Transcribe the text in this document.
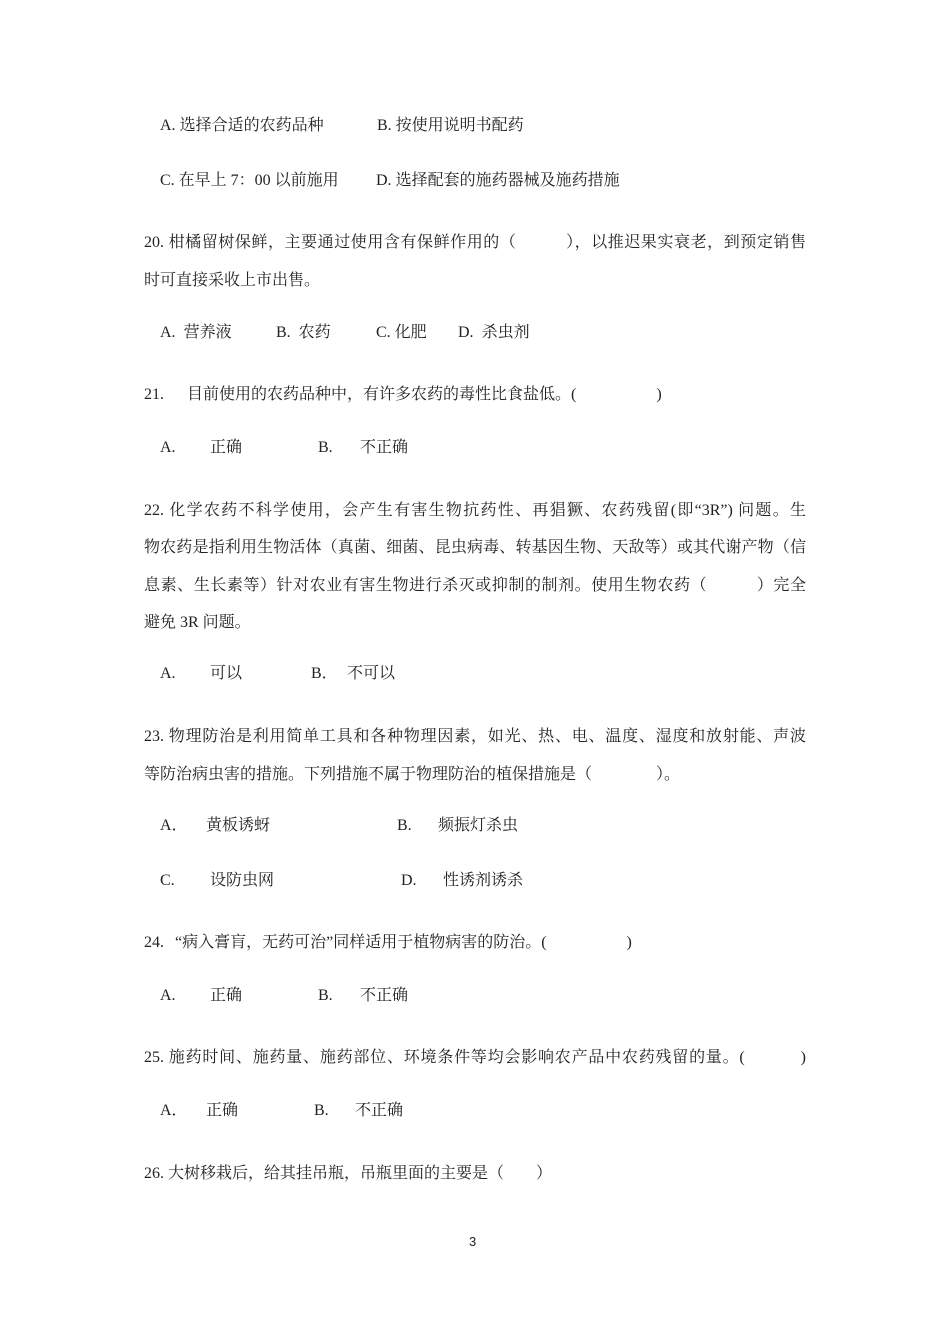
A. 选择合适的农药品种	B. 按使用说明书配药
C. 在早上 7：00 以前施用 D. 选择配套的施药器械及施药措施
20. 柑橘留树保鲜，主要通过使用含有保鲜作用的（　　　），以推迟果实衰老，到预定销售
时可直接采收上市出售。
A. 营养液	B. 农药	C. 化肥 D. 杀虫剂
21. 目前使用的农药品种中，有许多农药的毒性比食盐低。(　　　　　)
A. 正确	B. 不正确
22. 化学农药不科学使用，会产生有害生物抗药性、再猖獗、农药残留(即“3R”) 问题。生
物农药是指利用生物活体（真菌、细菌、昆虫病毒、转基因生物、天敌等）或其代谢产物（信
息素、生长素等）针对农业有害生物进行杀灭或抑制的制剂。使用生物农药（　　　）完全
避免 3R 问题。
A. 可以	B． 不可以
23. 物理防治是利用简单工具和各种物理因素，如光、热、电、温度、湿度和放射能、声波
等防治病虫害的措施。下列措施不属于物理防治的植保措施是（　　　　）。
A． 黄板诱蚜	B. 频振灯杀虫
C. 设防虫网	D. 性诱剂诱杀
24. “病入膏肓，无药可治”同样适用于植物病害的防治。(　　　　　)
A. 正确	B. 不正确
25. 施药时间、施药量、施药部位、环境条件等均会影响农产品中农药残留的量。(　　　 )
A． 正确	B. 不正确
26. 大树移栽后，给其挂吊瓶，吊瓶里面的主要是（　　）
3
